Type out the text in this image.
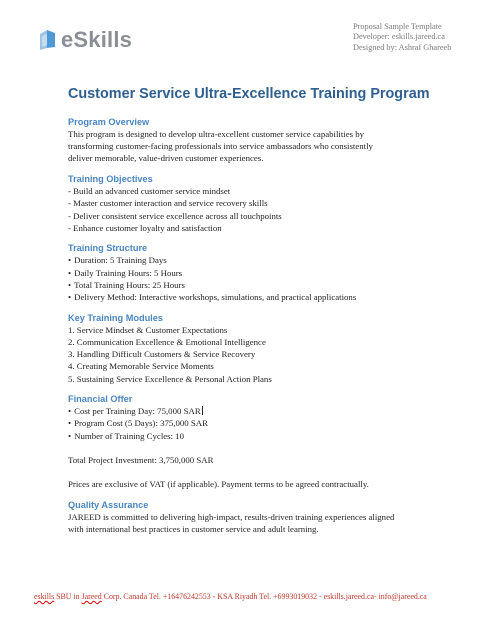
eSkills
Proposal Sample Template
Developer: eskills.jareed.ca
Designed by: Ashraf Ghareeb
Customer Service Ultra-Excellence Training Program
Program Overview
This program is designed to develop ultra-excellent customer service capabilities by
transforming customer-facing professionals into service ambassadors who consistently
deliver memorable, value-driven customer experiences.
Training Objectives
- Build an advanced customer service mindset
- Master customer interaction and service recovery skills
- Deliver consistent service excellence across all touchpoints
- Enhance customer loyalty and satisfaction
Training Structure
• Duration: 5 Training Days
• Daily Training Hours: 5 Hours
• Total Training Hours: 25 Hours
• Delivery Method: Interactive workshops, simulations, and practical applications
Key Training Modules
1. Service Mindset & Customer Expectations
2. Communication Excellence & Emotional Intelligence
3. Handling Difficult Customers & Service Recovery
4. Creating Memorable Service Moments
5. Sustaining Service Excellence & Personal Action Plans
Financial Offer
• Cost per Training Day: 75,000 SAR
• Program Cost (5 Days): 375,000 SAR
• Number of Training Cycles: 10
Total Project Investment: 3,750,000 SAR
Prices are exclusive of VAT (if applicable). Payment terms to be agreed contractually.
Quality Assurance
JAREED is committed to delivering high-impact, results-driven training experiences aligned
with international best practices in customer service and adult learning.
eskills SBU in Jareed Corp. Canada Tel. +16476242553 - KSA Riyadh Tel. +6993019032 - eskills.jareed.ca- info@jareed.ca
